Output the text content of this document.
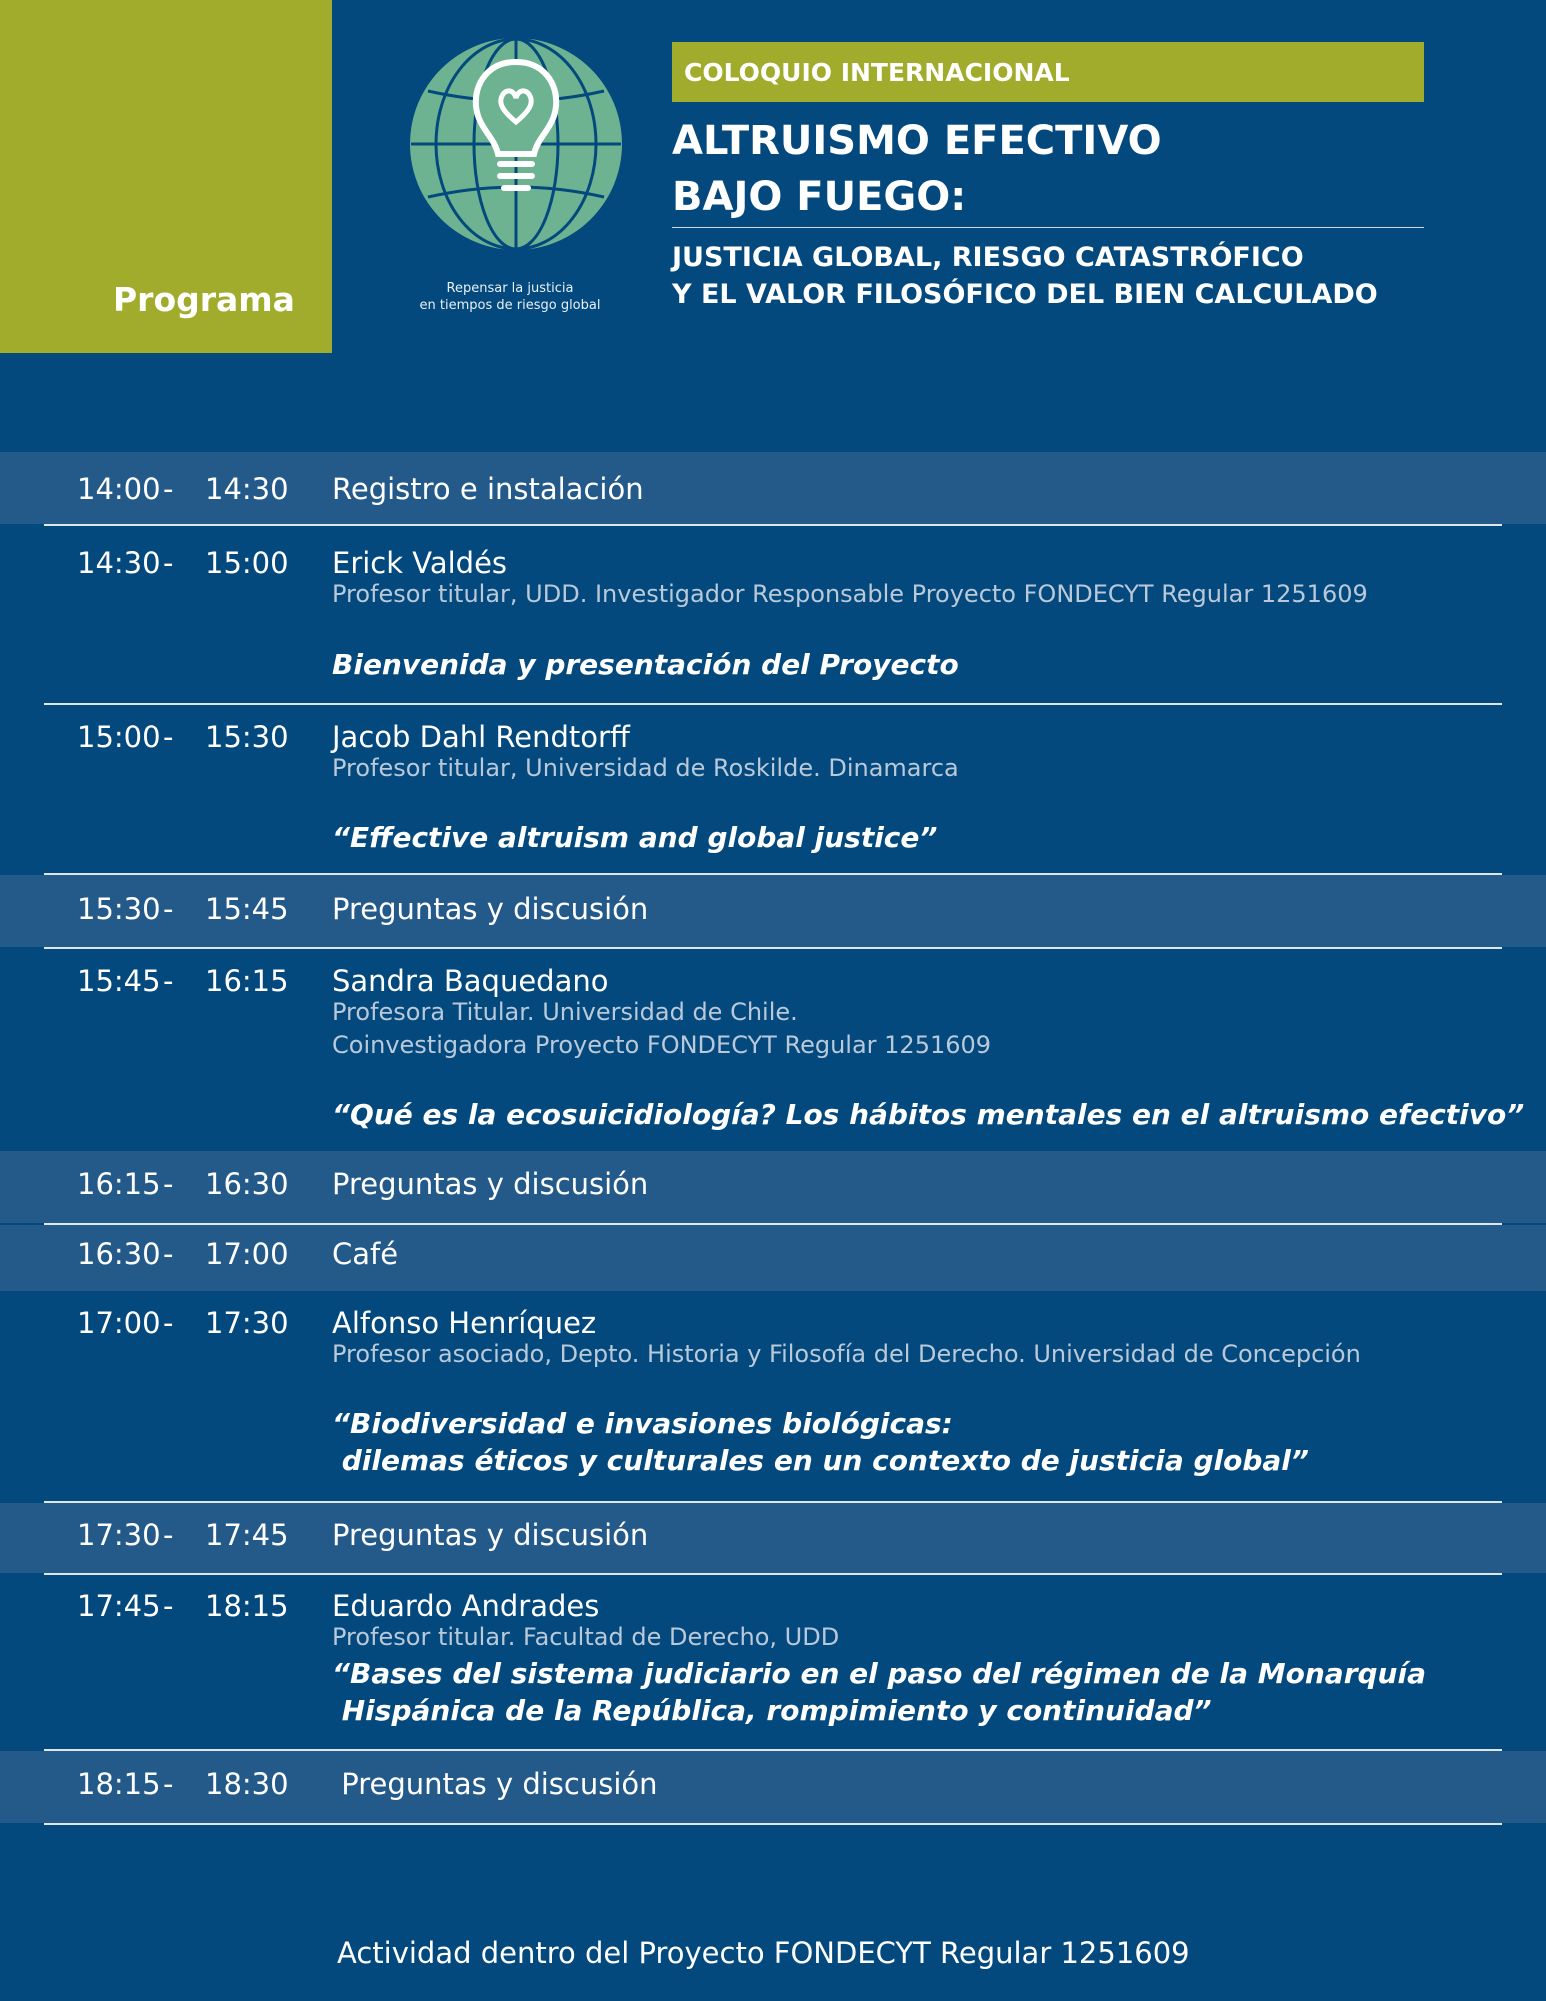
Programa	Repensar la justicia
en tiempos de riesgo global
COLOQUIO INTERNACIONAL
ALTRUISMO EFECTIVO
BAJO FUEGO:
JUSTICIA GLOBAL, RIESGO CATASTRÓFICO
Y EL VALOR FILOSÓFICO DEL BIEN CALCULADO
14:00 - 14:30 Registro e instalación
14:30 - 15:00 Erick Valdés
Profesor titular, UDD. Investigador Responsable Proyecto FONDECYT Regular 1251609
Bienvenida y presentación del Proyecto
15:00 - 15:30 Jacob Dahl Rendtorff
Profesor titular, Universidad de Roskilde. Dinamarca
“Effective altruism and global justice”
15:30 - 15:45 Preguntas y discusión
15:45 - 16:15 Sandra Baquedano
Profesora Titular. Universidad de Chile.
Coinvestigadora Proyecto FONDECYT Regular 1251609
“Qué es la ecosuicidiología? Los hábitos mentales en el altruismo efectivo”
16:15 - 16:30 Preguntas y discusión
16:30 - 17:00 Café
17:00 - 17:30 Alfonso Henríquez
Profesor asociado, Depto. Historia y Filosofía del Derecho. Universidad de Concepción
“Biodiversidad e invasiones biológicas:
dilemas éticos y culturales en un contexto de justicia global”
17:30 - 17:45 Preguntas y discusión
17:45 - 18:15 Eduardo Andrades
Profesor titular. Facultad de Derecho, UDD
“Bases del sistema judiciario en el paso del régimen de la Monarquía
Hispánica de la República, rompimiento y continuidad”
18:15 - 18:30 Preguntas y discusión
Actividad dentro del Proyecto FONDECYT Regular 1251609
